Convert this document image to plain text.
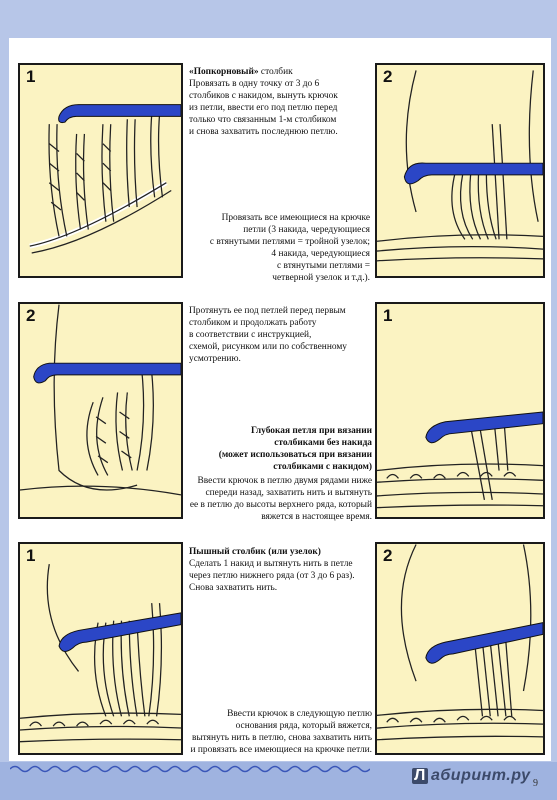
1	2
2	1
1	2

«Попкорновый» столбик

Провязать в одну точку от 3 до 6

столбиков с накидом, вынуть крючок

из петли, ввести его под петлю перед

только что связанным 1-м столбиком

и снова захватить последнюю петлю.

Провязать все имеющиеся на крючке

петли (3 накида, чередующиеся

с втянутыми петлями = тройной узелок;

4 накида, чередующиеся

с втянутыми петлями =

четверной узелок и т.д.).

Протянуть ее под петлей перед первым

столбиком и продолжать работу

в соответствии с инструкцией,

схемой, рисунком или по собственному

усмотрению.

Глубокая петля при вязании

столбиками без накида

(может использоваться при вязании

столбиками с накидом)

Ввести крючок в петлю двумя рядами ниже

спереди назад, захватить нить и вытянуть

ее в петлю до высоты верхнего ряда, который

вяжется в настоящее время.

Пышный столбик (или узелок)

Сделать 1 накид и вытянуть нить в петле

через петлю нижнего ряда (от 3 до 6 раз).

Снова захватить нить.

Ввести крючок в следующую петлю

основания ряда, который вяжется,

вытянуть нить в петлю, снова захватить нить

и провязать все имеющиеся на крючке петли.

Л абиринт.ру 9
